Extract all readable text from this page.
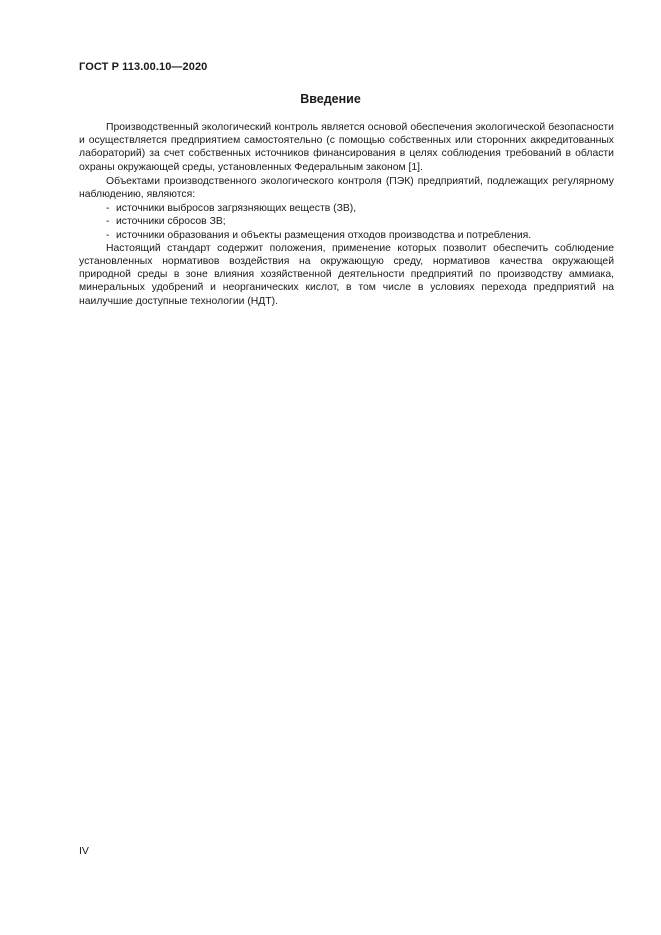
ГОСТ Р 113.00.10—2020
Введение

Производственный экологический контроль является основой обеспечения экологической безопасности и осуществляется предприятием самостоятельно (с помощью собственных или сторонних аккредитованных лабораторий) за счет собственных источников финансирования в целях соблюдения требований в области охраны окружающей среды, установленных Федеральным законом [1].

Объектами производственного экологического контроля (ПЭК) предприятий, подлежащих регулярному наблюдению, являются:

- источники выбросов загрязняющих веществ (ЗВ),
- источники сбросов ЗВ;
- источники образования и объекты размещения отходов производства и потребления.

Настоящий стандарт содержит положения, применение которых позволит обеспечить соблюдение установленных нормативов воздействия на окружающую среду, нормативов качества окружающей природной среды в зоне влияния хозяйственной деятельности предприятий по производству аммиака, минеральных удобрений и неорганических кислот, в том числе в условиях перехода предприятий на наилучшие доступные технологии (НДТ).

IV
